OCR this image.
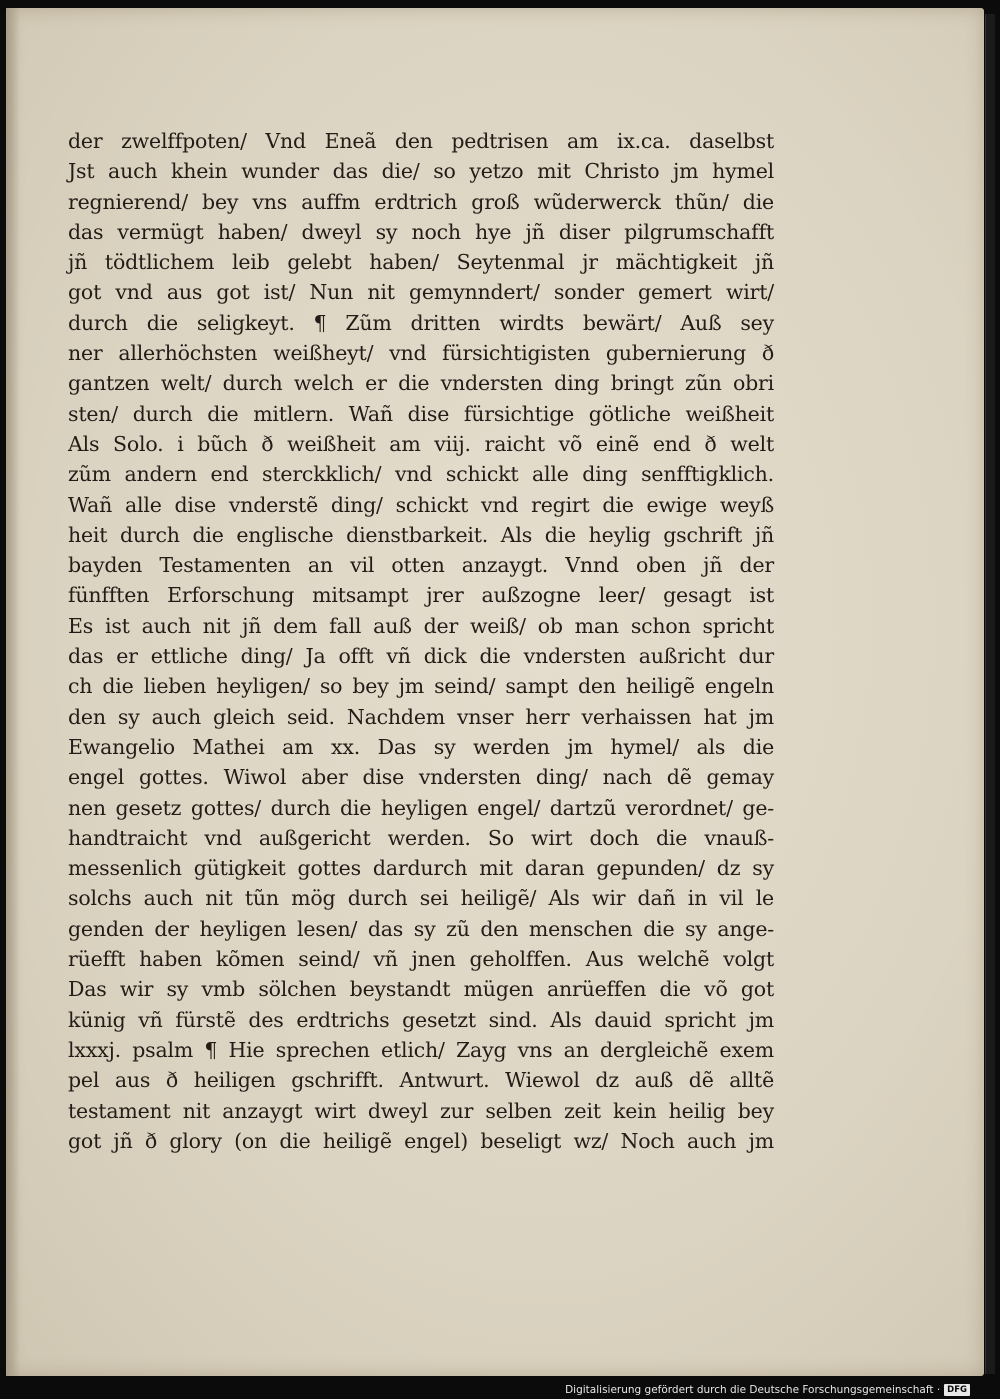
der zwelffpoten/ Vnd Eneã den pedtrisen am ix.ca. daselbst
Jst auch khein wunder das die/ so yetzo mit Christo jm hymel
regnierend/ bey vns auffm erdtrich groß wũderwerck thũn/ die
das vermügt haben/ dweyl sy noch hye jñ diser pilgrumschafft
jñ tödtlichem leib gelebt haben/ Seytenmal jr mächtigkeit jñ
got vnd aus got ist/ Nun nit gemynndert/ sonder gemert wirt/
durch die seligkeyt. ¶ Zũm dritten wirdts bewärt/ Auß sey
ner allerhöchsten weißheyt/ vnd fürsichtigisten gubernierung ð
gantzen welt/ durch welch er die vndersten ding bringt zũn obri
sten/ durch die mitlern. Wañ dise fürsichtige götliche weißheit
Als Solo. i bũch ð weißheit am viij. raicht võ einẽ end ð welt
zũm andern end sterckklich/ vnd schickt alle ding senfftigklich.
Wañ alle dise vnderstẽ ding/ schickt vnd regirt die ewige weyß
heit durch die englische dienstbarkeit. Als die heylig gschrift jñ
bayden Testamenten an vil otten anzaygt. Vnnd oben jñ der
fünfften Erforschung mitsampt jrer außzogne leer/ gesagt ist
Es ist auch nit jñ dem fall auß der weiß/ ob man schon spricht
das er ettliche ding/ Ja offt vñ dick die vndersten außricht dur
ch die lieben heyligen/ so bey jm seind/ sampt den heiligẽ engeln
den sy auch gleich seid. Nachdem vnser herr verhaissen hat jm
Ewangelio Mathei am xx. Das sy werden jm hymel/ als die
engel gottes. Wiwol aber dise vndersten ding/ nach dẽ gemay
nen gesetz gottes/ durch die heyligen engel/ dartzũ verordnet/ ge-
handtraicht vnd außgericht werden. So wirt doch die vnauß-
messenlich gütigkeit gottes dardurch mit daran gepunden/ dz sy
solchs auch nit tũn mög durch sei heiligẽ/ Als wir dañ in vil le
genden der heyligen lesen/ das sy zũ den menschen die sy ange-
rüefft haben kõmen seind/ vñ jnen geholffen. Aus welchẽ volgt
Das wir sy vmb sölchen beystandt mügen anrüeffen die võ got
künig vñ fürstẽ des erdtrichs gesetzt sind. Als dauid spricht jm
lxxxj. psalm ¶ Hie sprechen etlich/ Zayg vns an dergleichẽ exem
pel aus ð heiligen gschrifft. Antwurt. Wiewol dz auß dẽ alltẽ
testament nit anzaygt wirt dweyl zur selben zeit kein heilig bey
got jñ ð glory (on die heiligẽ engel) beseligt wz/ Noch auch jm
Digitalisierung gefördert durch die Deutsche Forschungsgemeinschaft · DFG
